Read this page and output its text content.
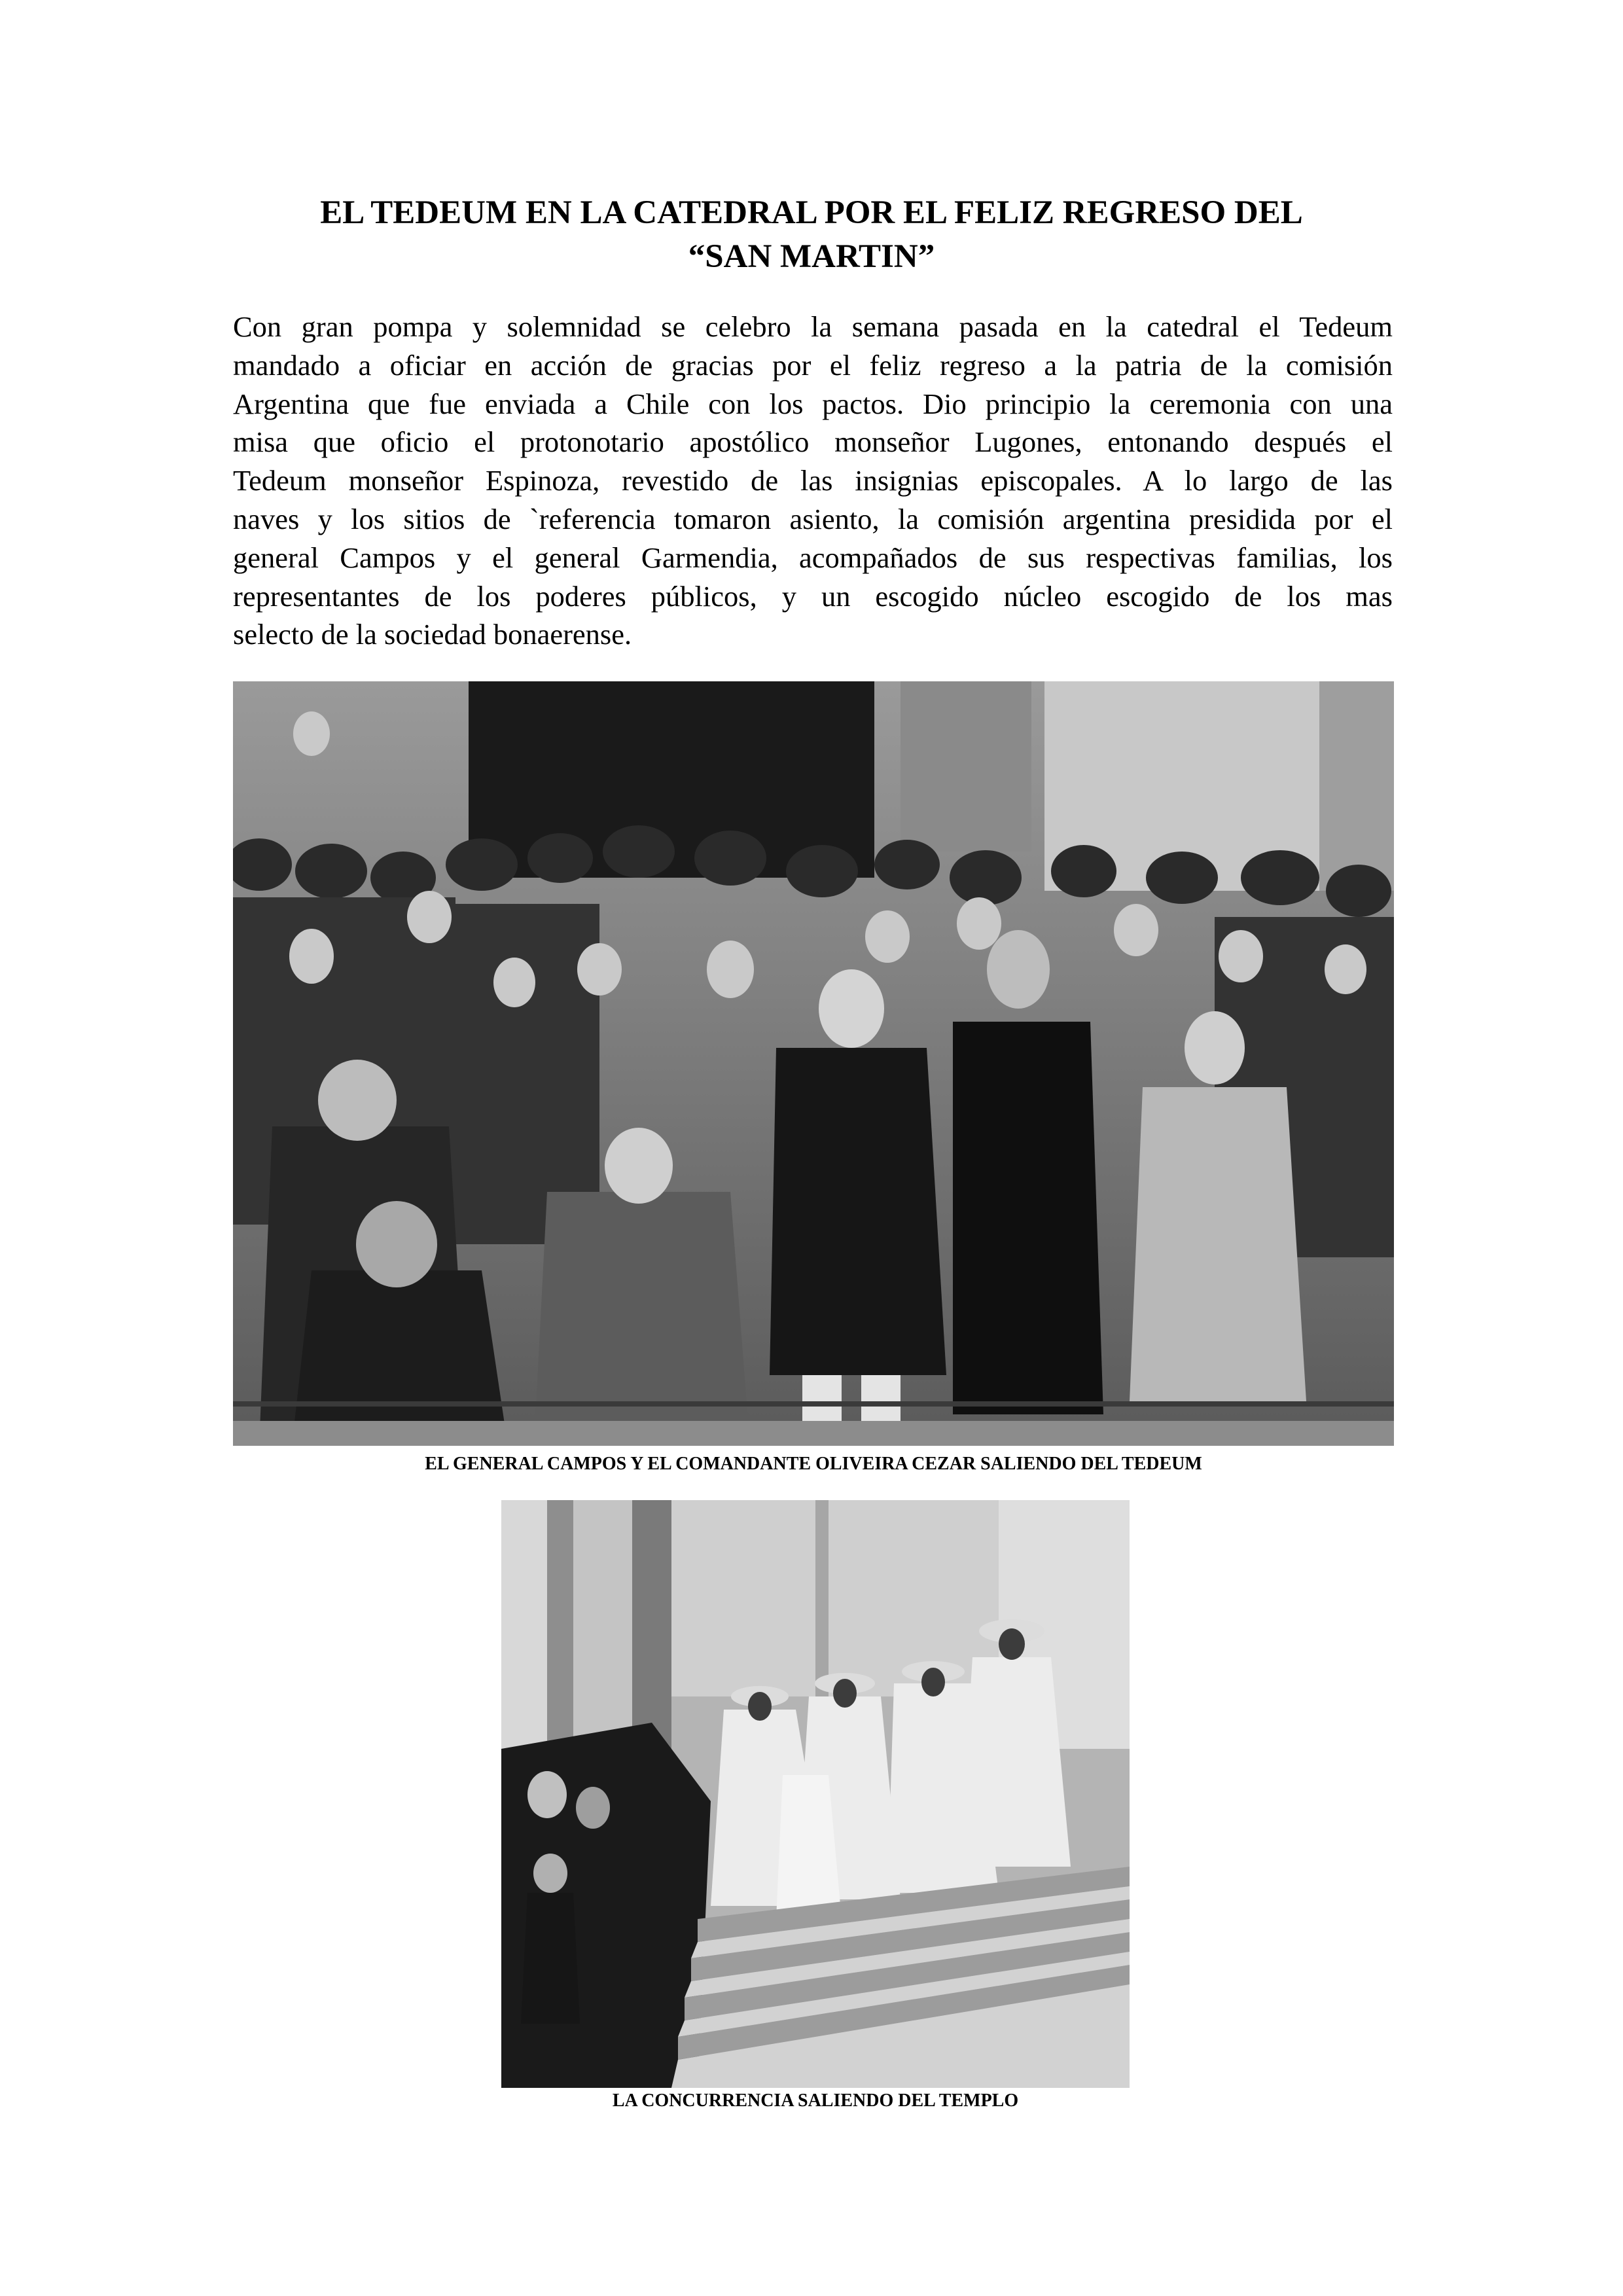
EL TEDEUM EN LA CATEDRAL POR EL FELIZ REGRESO DEL
“SAN MARTIN”

Con gran pompa y solemnidad se celebro la semana pasada en la catedral el Tedeum
mandado a oficiar en acción de gracias por el feliz regreso a la patria de la comisión
Argentina que fue enviada a Chile con los pactos. Dio principio la ceremonia con una
misa que oficio el protonotario apostólico monseñor Lugones, entonando después el
Tedeum monseñor Espinoza, revestido de las insignias episcopales. A lo largo de las
naves y los sitios de `referencia tomaron asiento, la comisión argentina presidida por el
general Campos y el general Garmendia, acompañados de sus respectivas familias, los
representantes de los poderes públicos, y un escogido núcleo escogido de los mas
selecto de la sociedad bonaerense.

EL GENERAL CAMPOS Y EL COMANDANTE OLIVEIRA CEZAR SALIENDO DEL TEDEUM

LA CONCURRENCIA SALIENDO DEL TEMPLO
